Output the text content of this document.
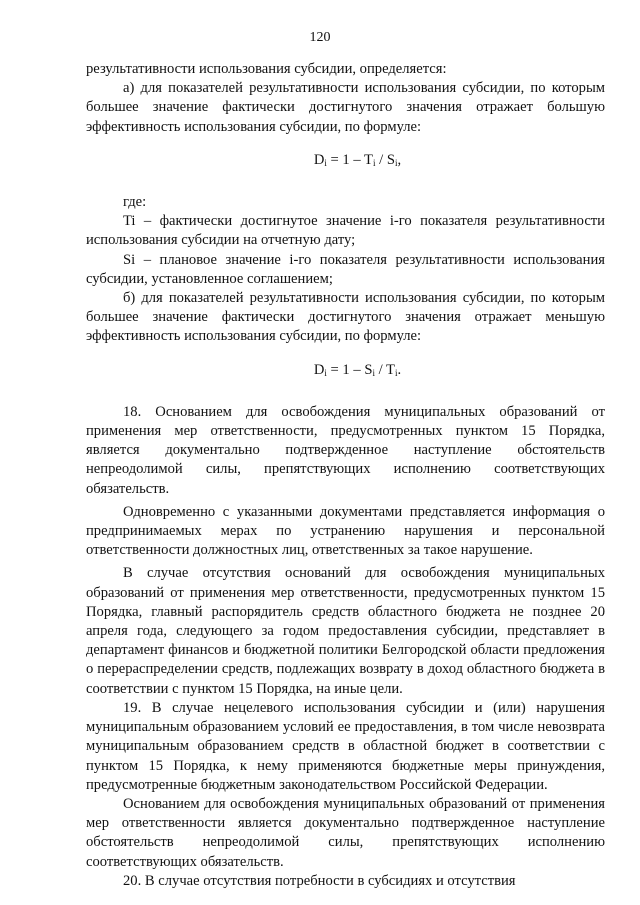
120

результативности использования субсидии, определяется:

а) для показателей результативности использования субсидии, по которым большее значение фактически достигнутого значения отражает большую эффективность использования субсидии, по формуле:

$D_i = 1 - T_i / S_i$,

где:

Ti – фактически достигнутое значение i-го показателя результативности использования субсидии на отчетную дату;

Si – плановое значение i-го показателя результативности использования субсидии, установленное соглашением;

б) для показателей результативности использования субсидии, по которым большее значение фактически достигнутого значения отражает меньшую эффективность использования субсидии, по формуле:

$D_i = 1 - S_i / T_i$.

18. Основанием для освобождения муниципальных образований от применения мер ответственности, предусмотренных пунктом 15 Порядка, является документально подтвержденное наступление обстоятельств непреодолимой силы, препятствующих исполнению соответствующих обязательств.

Одновременно с указанными документами представляется информация о предпринимаемых мерах по устранению нарушения и персональной ответственности должностных лиц, ответственных за такое нарушение.

В случае отсутствия оснований для освобождения муниципальных образований от применения мер ответственности, предусмотренных пунктом 15 Порядка, главный распорядитель средств областного бюджета не позднее 20 апреля года, следующего за годом предоставления субсидии, представляет в департамент финансов и бюджетной политики Белгородской области предложения о перераспределении средств, подлежащих возврату в доход областного бюджета в соответствии с пунктом 15 Порядка, на иные цели.

19. В случае нецелевого использования субсидии и (или) нарушения муниципальным образованием условий ее предоставления, в том числе невозврата муниципальным образованием средств в областной бюджет в соответствии с пунктом 15 Порядка, к нему применяются бюджетные меры принуждения, предусмотренные бюджетным законодательством Российской Федерации.

Основанием для освобождения муниципальных образований от применения мер ответственности является документально подтвержденное наступление обстоятельств непреодолимой силы, препятствующих исполнению соответствующих обязательств.

20. В случае отсутствия потребности в субсидиях и отсутствия
